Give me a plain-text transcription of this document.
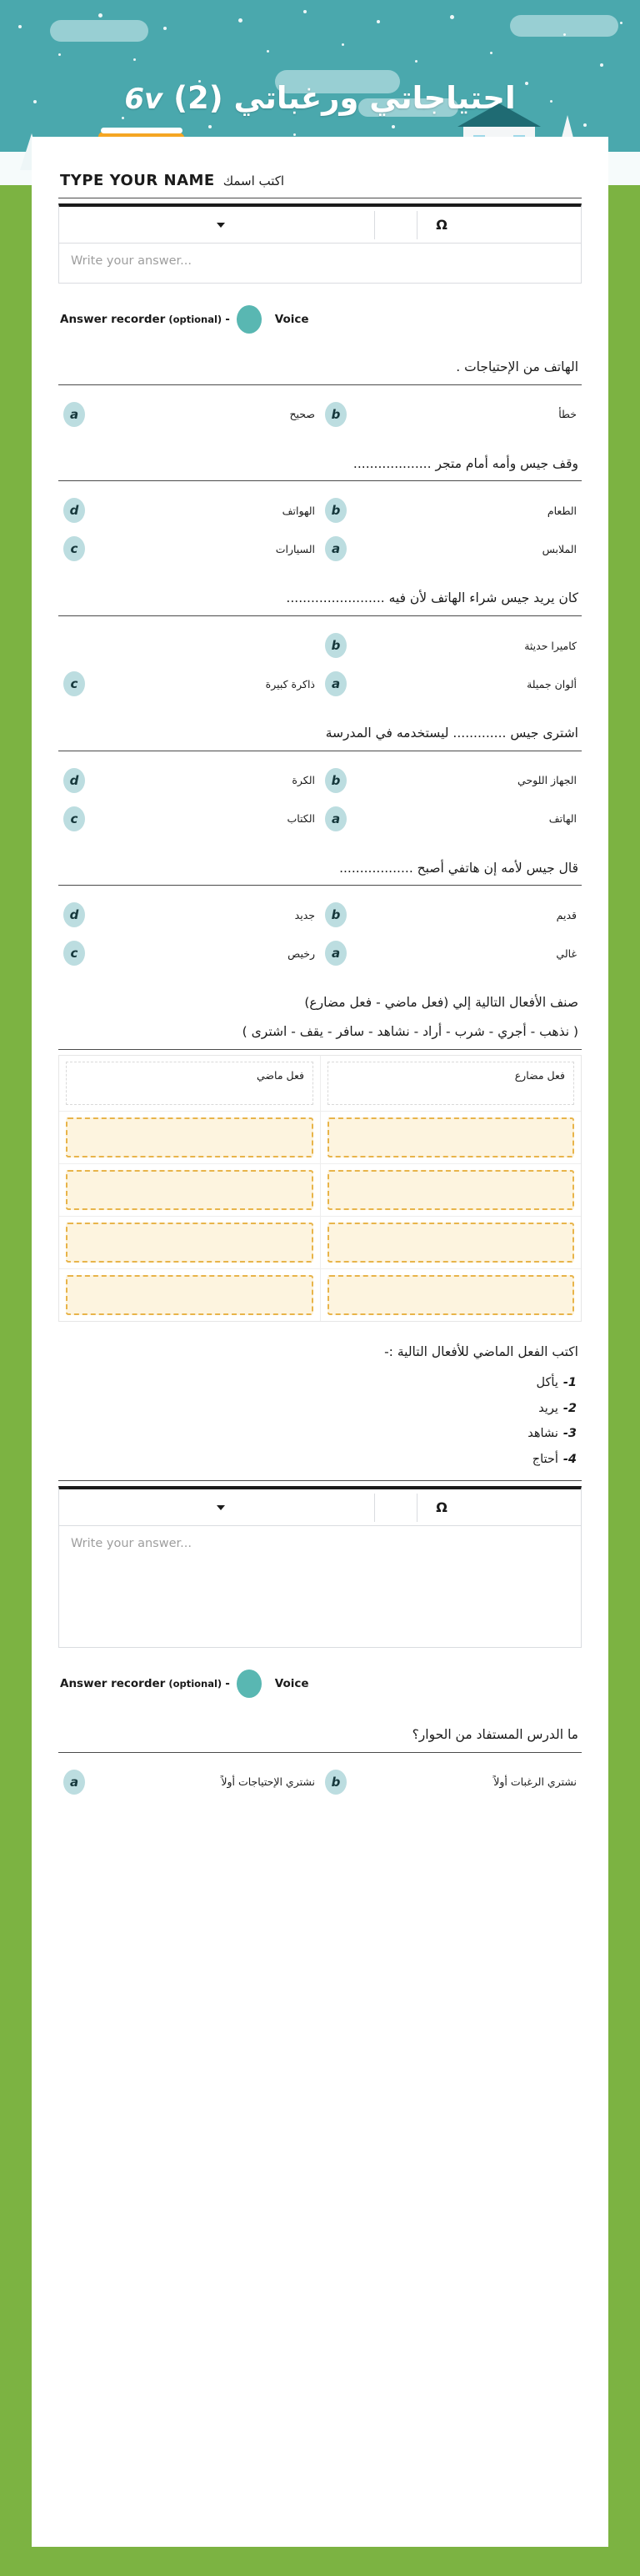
احتياجاتي ورغباتي (2) 6v
TYPE YOUR NAME اكتب اسمك
Ω
Write your answer...
Answer recorder (optional) -	Voice
الهاتف من الإحتياجات .
a	صحيح	b	خطأ
وقف جيس وأمه أمام متجر ...................
a	الملابس
b	الطعام
c	السيارات
d	الهواتف
كان يريد جيس شراء الهاتف لأن فيه ........................
a	ألوان جميلة
b	كاميرا حديثة
c	ذاكرة كبيرة
اشترى جيس ............. ليستخدمه في المدرسة
a	الهاتف
b	الجهاز اللوحي
c	الكتاب
d	الكرة
قال جيس لأمه إن هاتفي أصبح ..................
a	غالي
b	قديم
c	رخيص
d	جديد
صنف الأفعال التالية إلي (فعل ماضي - فعل مضارع)
( نذهب - أجري - شرب - أراد - نشاهد - سافر - يقف - اشترى )
فعل ماضي	فعل مضارع
اكتب الفعل الماضي للأفعال التالية :-
1-يأكل
2-يريد
3-نشاهد
4-أحتاج
Ω
Write your answer...
Answer recorder (optional) -	Voice
ما الدرس المستفاد من الحوار؟
a	نشتري الإحتياجات أولاً	b	نشتري الرغبات أولاً
